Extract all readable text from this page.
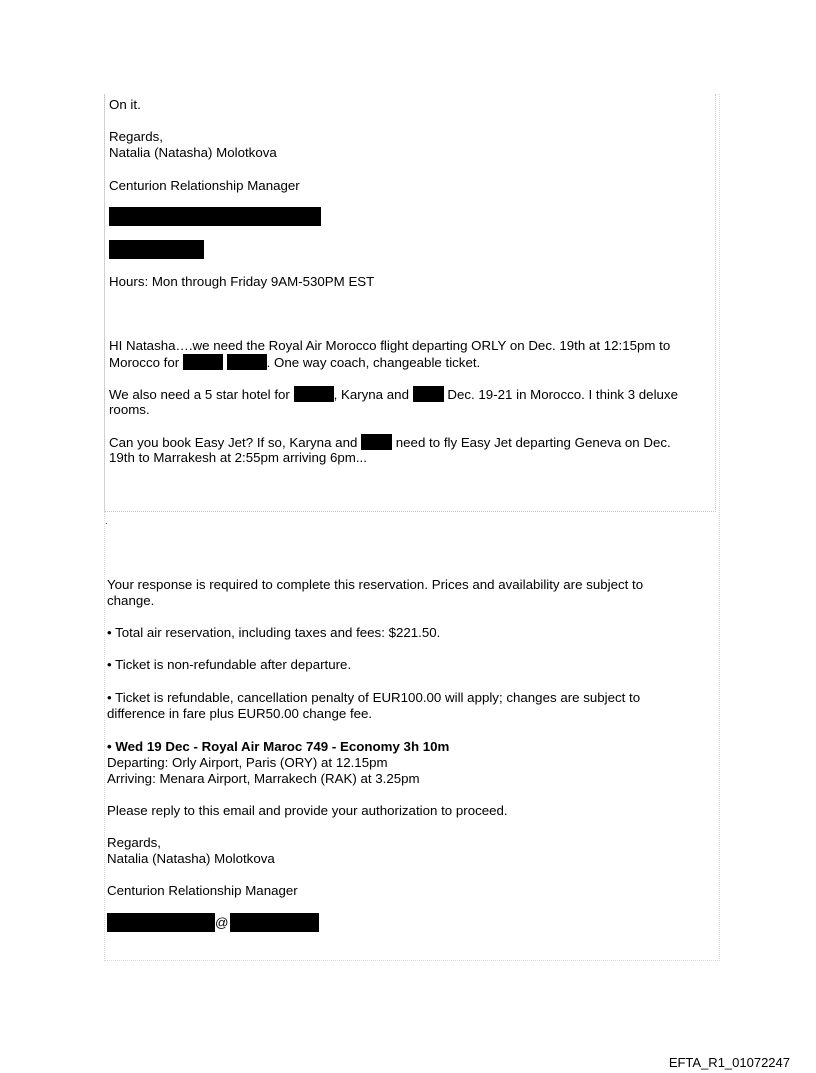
On it.
Regards,
Natalia (Natasha) Molotkova
Centurion Relationship Manager
Hours: Mon through Friday 9AM-530PM EST
HI Natasha….we need the Royal Air Morocco flight departing ORLY on Dec. 19th at 12:15pm to
Morocco for	. One way coach, changeable ticket.
We also need a 5 star hotel for	, Karyna and	Dec. 19-21 in Morocco. I think 3 deluxe
rooms.
Can you book Easy Jet? If so, Karyna and	need to fly Easy Jet departing Geneva on Dec.
19th to Marrakesh at 2:55pm arriving 6pm...
.
Your response is required to complete this reservation. Prices and availability are subject to
change.
• Total air reservation, including taxes and fees: $221.50.
• Ticket is non-refundable after departure.
• Ticket is refundable, cancellation penalty of EUR100.00 will apply; changes are subject to
difference in fare plus EUR50.00 change fee.
• Wed 19 Dec - Royal Air Maroc 749 - Economy 3h 10m
Departing: Orly Airport, Paris (ORY) at 12.15pm
Arriving: Menara Airport, Marrakech (RAK) at 3.25pm
Please reply to this email and provide your authorization to proceed.
Regards,
Natalia (Natasha) Molotkova
Centurion Relationship Manager
@
EFTA_R1_01072247
